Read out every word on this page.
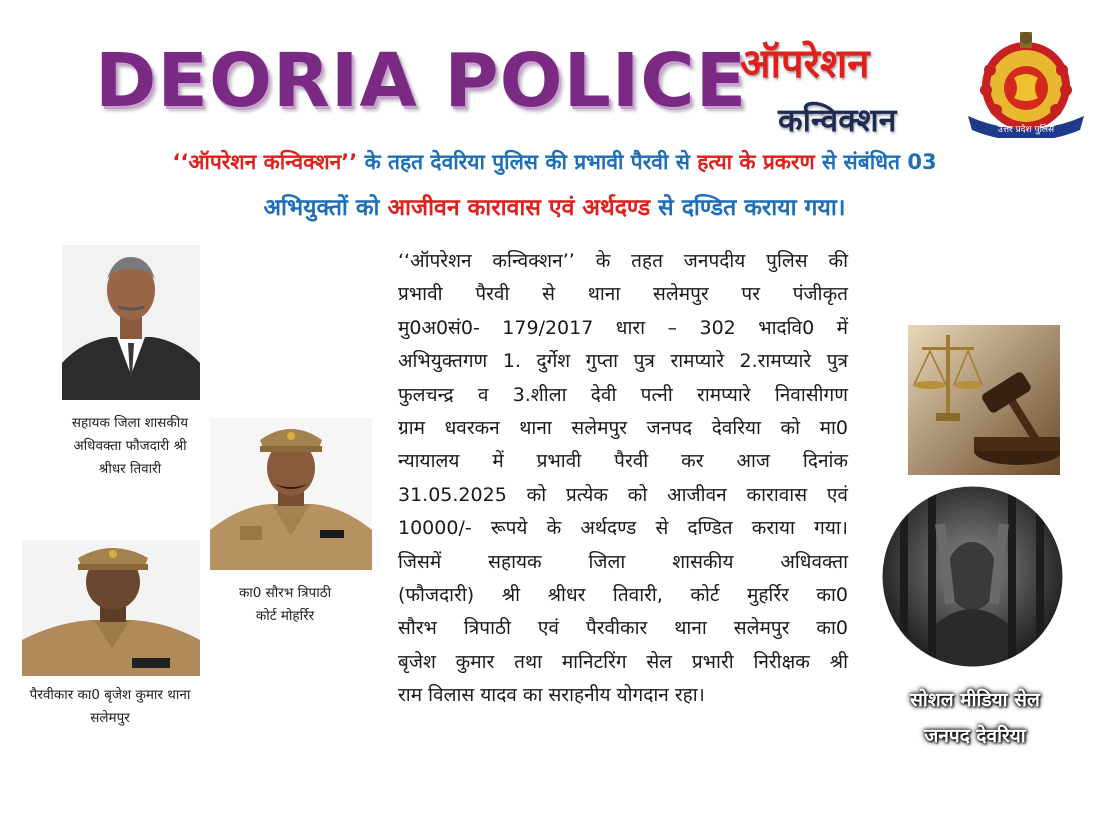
DEORIA POLICE
ऑपरेशन
कन्विक्शन	उत्तर प्रदेश पुलिस
‘‘ऑपरेशन कन्विक्शन’’ के तहत देवरिया पुलिस की प्रभावी पैरवी से हत्या के प्रकरण से संबंधित 03
अभियुक्तों को आजीवन कारावास एवं अर्थदण्ड से दण्डित कराया गया।
सहायक जिला शासकीय
अधिवक्ता फौजदारी श्री
श्रीधर तिवारी
का0 सौरभ त्रिपाठी
कोर्ट मोहर्रिर
पैरवीकार का0 बृजेश कुमार थाना
सलेमपुर
‘‘ऑपरेशन कन्विक्शन’’ के तहत जनपदीय पुलिस की
प्रभावी पैरवी से थाना सलेमपुर पर पंजीकृत
मु0अ0सं0- 179/2017 धारा – 302 भादवि0 में
अभियुक्तगण 1. दुर्गेश गुप्ता पुत्र रामप्यारे 2.रामप्यारे पुत्र
फुलचन्द्र व 3.शीला देवी पत्नी रामप्यारे निवासीगण
ग्राम धवरकन थाना सलेमपुर जनपद देवरिया को मा0
न्यायालय में प्रभावी पैरवी कर आज दिनांक
31.05.2025 को प्रत्येक को आजीवन कारावास एवं
10000/- रूपये के अर्थदण्ड से दण्डित कराया गया।
जिसमें सहायक जिला शासकीय अधिवक्ता
(फौजदारी) श्री श्रीधर तिवारी, कोर्ट मुहर्रिर का0
सौरभ त्रिपाठी एवं पैरवीकार थाना सलेमपुर का0
बृजेश कुमार तथा मानिटरिंग सेल प्रभारी निरीक्षक श्री
राम विलास यादव का सराहनीय योगदान रहा।	सोशल मीडिया सेल
जनपद देवरिया
